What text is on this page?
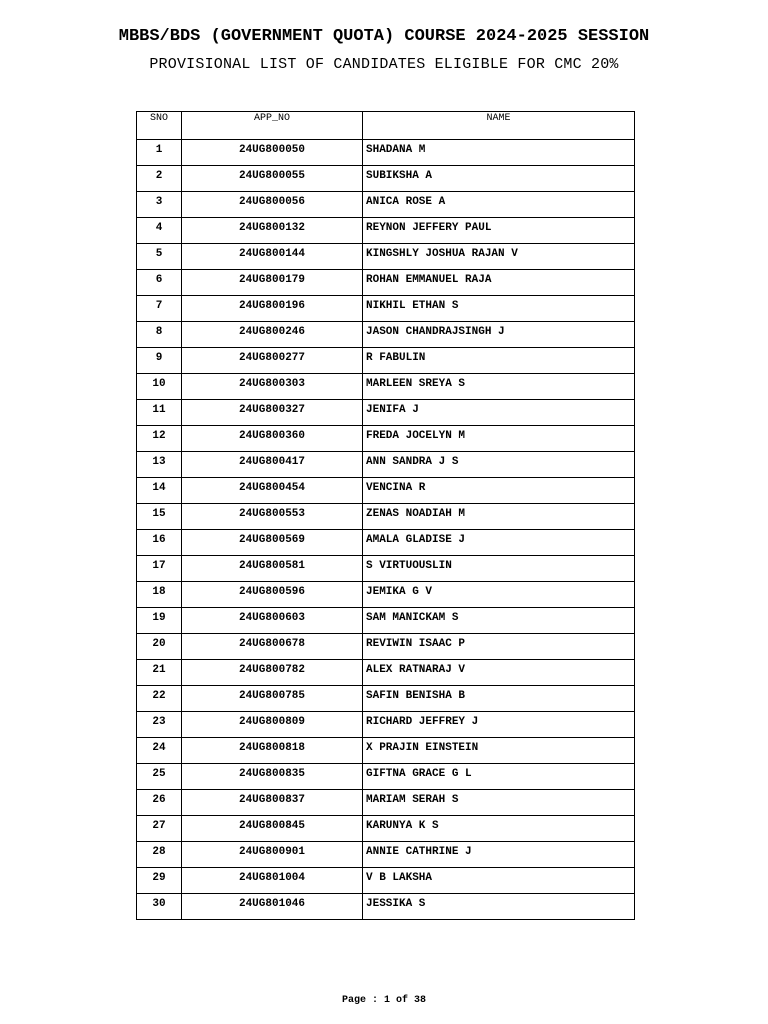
MBBS/BDS (GOVERNMENT QUOTA) COURSE 2024-2025 SESSION
PROVISIONAL LIST OF CANDIDATES ELIGIBLE FOR CMC 20%
SNO	APP_NO	NAME
1	24UG800050	SHADANA M
2	24UG800055	SUBIKSHA A
3	24UG800056	ANICA ROSE A
4	24UG800132	REYNON JEFFERY PAUL
5	24UG800144	KINGSHLY JOSHUA RAJAN V
6	24UG800179	ROHAN EMMANUEL RAJA
7	24UG800196	NIKHIL ETHAN S
8	24UG800246	JASON CHANDRAJSINGH J
9	24UG800277	R FABULIN
10	24UG800303	MARLEEN SREYA S
11	24UG800327	JENIFA J
12	24UG800360	FREDA JOCELYN M
13	24UG800417	ANN SANDRA J S
14	24UG800454	VENCINA R
15	24UG800553	ZENAS NOADIAH M
16	24UG800569	AMALA GLADISE J
17	24UG800581	S VIRTUOUSLIN
18	24UG800596	JEMIKA G V
19	24UG800603	SAM MANICKAM S
20	24UG800678	REVIWIN ISAAC P
21	24UG800782	ALEX RATNARAJ V
22	24UG800785	SAFIN BENISHA B
23	24UG800809	RICHARD JEFFREY J
24	24UG800818	X PRAJIN EINSTEIN
25	24UG800835	GIFTNA GRACE G L
26	24UG800837	MARIAM SERAH S
27	24UG800845	KARUNYA K S
28	24UG800901	ANNIE CATHRINE J
29	24UG801004	V B LAKSHA
30	24UG801046	JESSIKA S
Page : 1 of 38
